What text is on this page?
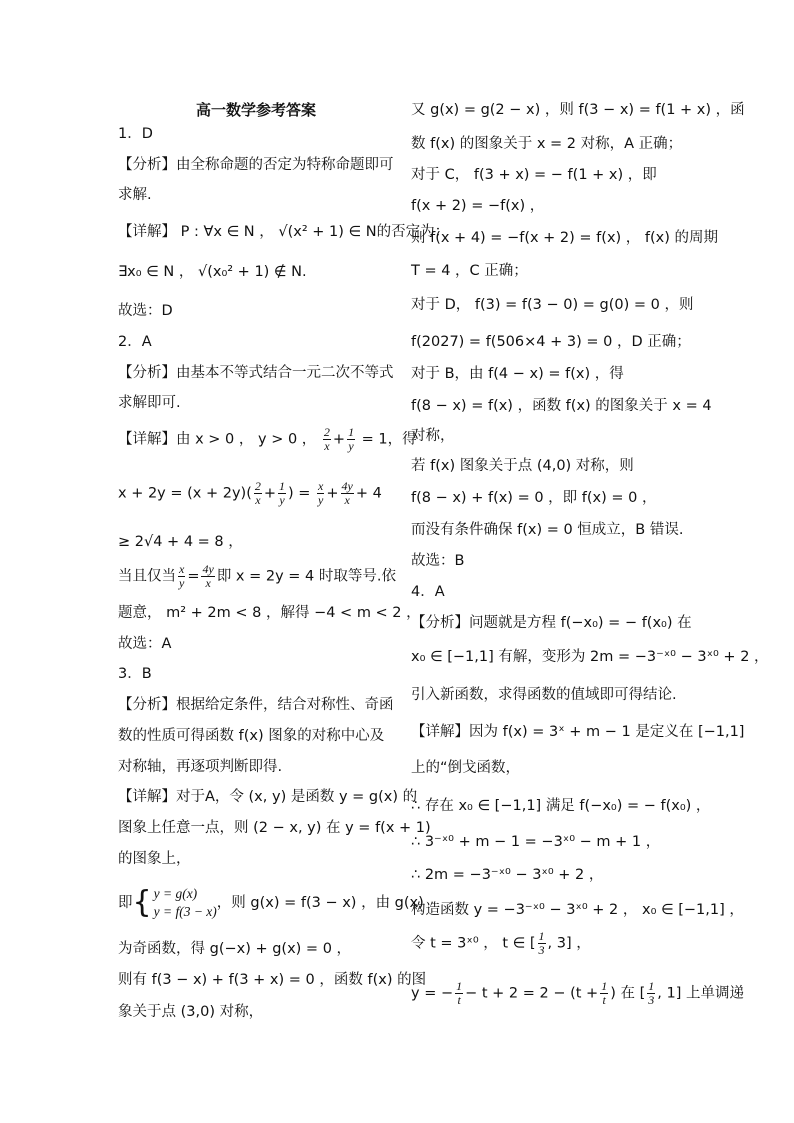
高一数学参考答案
1．D
【分析】由全称命题的否定为特称命题即可
求解.
【详解】 P : ∀x ∈ N ， √(x² + 1) ∈ N的否定为：
∃x₀ ∈ N ， √(x₀² + 1) ∉ N.
故选：D
2．A
【分析】由基本不等式结合一元二次不等式
求解即可.
≥ 2√4 + 4 = 8 ，
题意， m² + 2m < 8 ，解得 −4 < m < 2 ，
故选：A
3．B
【分析】根据给定条件，结合对称性、奇函
数的性质可得函数 f(x) 图象的对称中心及
对称轴，再逐项判断即得.
【详解】对于A，令 (x, y) 是函数 y = g(x) 的
图象上任意一点，则 (2 − x, y) 在 y = f(x + 1)
的图象上，
为奇函数，得 g(−x) + g(x) = 0 ，
则有 f(3 − x) + f(3 + x) = 0 ，函数 f(x) 的图
象关于点 (3,0) 对称，
又 g(x) = g(2 − x) ，则 f(3 − x) = f(1 + x) ，函
数 f(x) 的图象关于 x = 2 对称，A 正确；
对于 C， f(3 + x) = − f(1 + x) ，即
f(x + 2) = −f(x) ，
则 f(x + 4) = −f(x + 2) = f(x) ， f(x) 的周期
T = 4 ，C 正确；
对于 D， f(3) = f(3 − 0) = g(0) = 0 ，则
f(2027) = f(506×4 + 3) = 0 ，D 正确；
对于 B，由 f(4 − x) = f(x) ，得
f(8 − x) = f(x) ，函数 f(x) 的图象关于 x = 4
对称，
若 f(x) 图象关于点 (4,0) 对称，则
f(8 − x) + f(x) = 0 ，即 f(x) = 0 ，
而没有条件确保 f(x) = 0 恒成立，B 错误.
故选：B
4．A
【分析】问题就是方程 f(−x₀) = − f(x₀) 在
x₀ ∈ [−1,1] 有解，变形为 2m = −3⁻ˣ⁰ − 3ˣ⁰ + 2 ，
引入新函数，求得函数的值域即可得结论.
【详解】因为 f(x) = 3ˣ + m − 1 是定义在 [−1,1]
上的“倒戈函数，
∴ 存在 x₀ ∈ [−1,1] 满足 f(−x₀) = − f(x₀) ，
∴ 3⁻ˣ⁰ + m − 1 = −3ˣ⁰ − m + 1 ，
∴ 2m = −3⁻ˣ⁰ − 3ˣ⁰ + 2 ，
构造函数 y = −3⁻ˣ⁰ − 3ˣ⁰ + 2 ， x₀ ∈ [−1,1] ，
【详解】由 x > 0 ， y > 0 ， $\frac{2}{x} + \frac{1}{y} = 1$，得
$x + 2y = (x + 2y)( \frac{2}{x} + \frac{1}{y}$ ) = $\frac{x}{y} + \frac{4y}{x} + 4$
当且仅当 $\frac{x}{y} = \frac{4y}{x}$ 即 x = 2y = 4 时取等号.依
即{ y = g(x)
y = f(3 − x)
，则 g(x) = f(3 − x) ，由 g(x)
令 t = 3ˣ⁰ ， t ∈ [ $\frac{1}{3}$ , 3] ，
y = − $\frac{1}{t} - t + 2 = 2 - (t + \frac{1}{t}$ ) 在 [ $\frac{1}{3}$ , 1] 上单调递
